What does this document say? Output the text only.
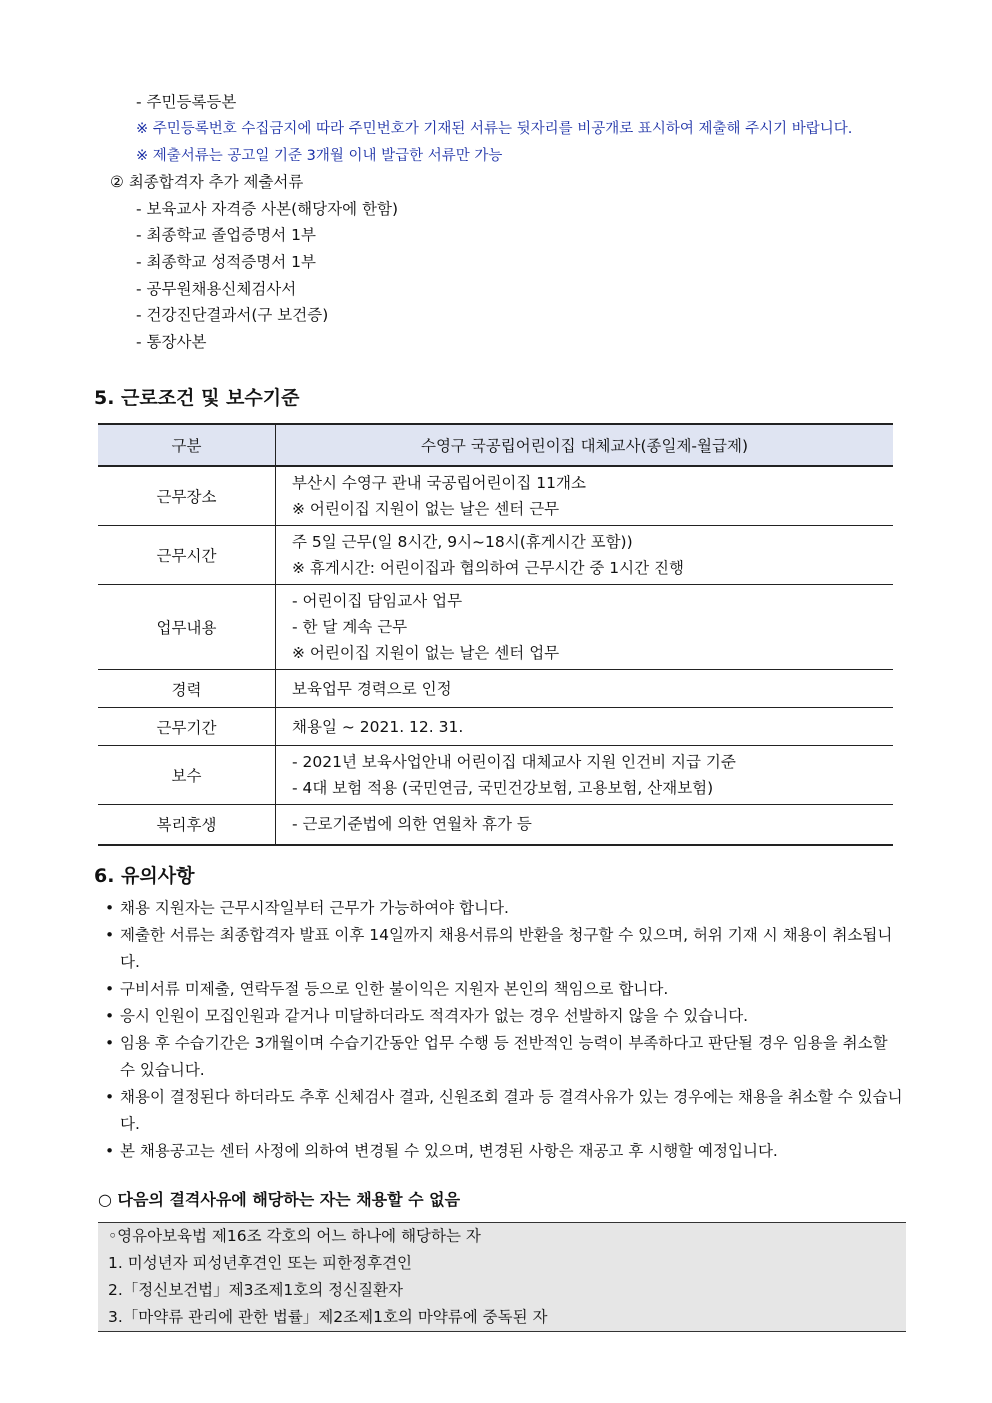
- 주민등록등본
※ 주민등록번호 수집금지에 따라 주민번호가 기재된 서류는 뒷자리를 비공개로 표시하여 제출해 주시기 바랍니다.
※ 제출서류는 공고일 기준 3개월 이내 발급한 서류만 가능
② 최종합격자 추가 제출서류
- 보육교사 자격증 사본(해당자에 한함)
- 최종학교 졸업증명서 1부
- 최종학교 성적증명서 1부
- 공무원채용신체검사서
- 건강진단결과서(구 보건증)
- 통장사본
5. 근로조건 및 보수기준
구분	수영구 국공립어린이집 대체교사(종일제-월급제)
근무장소	부산시 수영구 관내 국공립어린이집 11개소
※ 어린이집 지원이 없는 날은 센터 근무

근무시간	주 5일 근무(일 8시간, 9시~18시(휴게시간 포함))
※ 휴게시간: 어린이집과 협의하여 근무시간 중 1시간 진행

업무내용	- 어린이집 담임교사 업무
- 한 달 계속 근무
※ 어린이집 지원이 없는 날은 센터 업무

경력	보육업무 경력으로 인정

근무기간	채용일 ~ 2021. 12. 31.

보수	- 2021년 보육사업안내 어린이집 대체교사 지원 인건비 지급 기준
- 4대 보험 적용 (국민연금, 국민건강보험, 고용보험, 산재보험)

복리후생	- 근로기준법에 의한 연월차 휴가 등
6. 유의사항
• 채용 지원자는 근무시작일부터 근무가 가능하여야 합니다.
• 제출한 서류는 최종합격자 발표 이후 14일까지 채용서류의 반환을 청구할 수 있으며, 허위 기재 시 채용이 취소됩니다.
• 구비서류 미제출, 연락두절 등으로 인한 불이익은 지원자 본인의 책임으로 합니다.
• 응시 인원이 모집인원과 같거나 미달하더라도 적격자가 없는 경우 선발하지 않을 수 있습니다.
• 임용 후 수습기간은 3개월이며 수습기간동안 업무 수행 등 전반적인 능력이 부족하다고 판단될 경우 임용을 취소할 수 있습니다.
• 채용이 결정된다 하더라도 추후 신체검사 결과, 신원조회 결과 등 결격사유가 있는 경우에는 채용을 취소할 수 있습니다.
• 본 채용공고는 센터 사정에 의하여 변경될 수 있으며, 변경된 사항은 재공고 후 시행할 예정입니다.
○ 다음의 결격사유에 해당하는 자는 채용할 수 없음
◦영유아보육법 제16조 각호의 어느 하나에 해당하는 자
1. 미성년자 피성년후견인 또는 피한정후견인
2.「정신보건법」제3조제1호의 정신질환자
3.「마약류 관리에 관한 법률」제2조제1호의 마약류에 중독된 자
